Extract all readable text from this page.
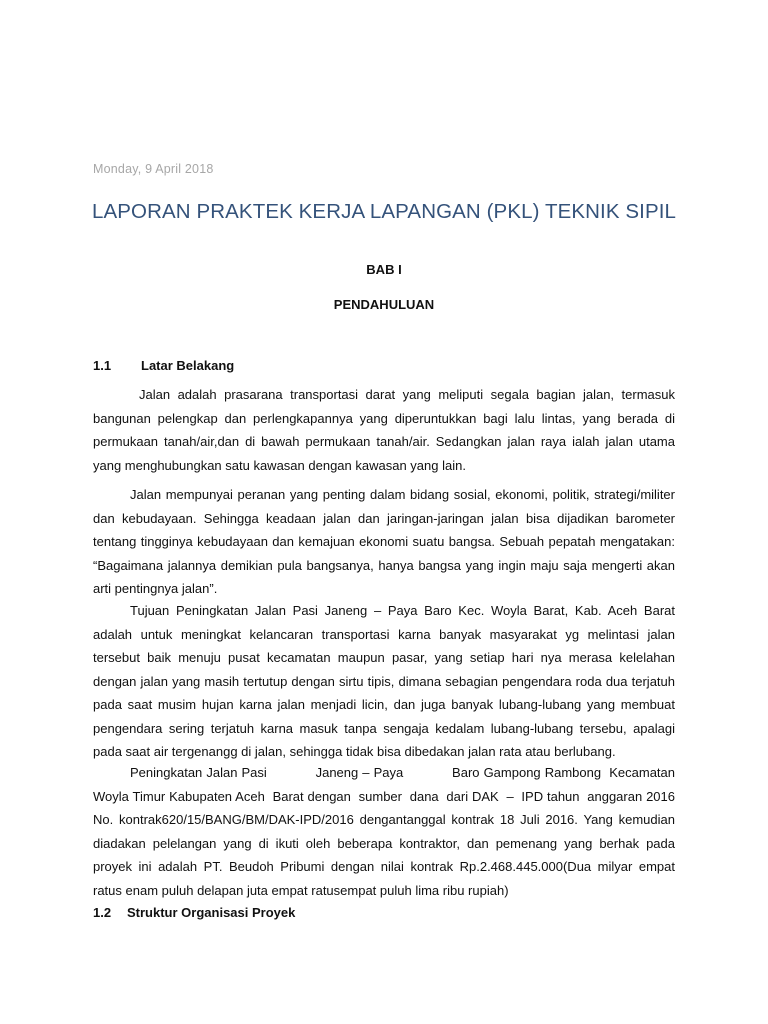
Monday, 9 April 2018
LAPORAN PRAKTEK KERJA LAPANGAN (PKL) TEKNIK SIPIL
BAB I
PENDAHULUAN
1.1 Latar Belakang

Jalan adalah prasarana transportasi darat yang meliputi segala bagian jalan, termasuk bangunan pelengkap dan perlengkapannya yang diperuntukkan bagi lalu lintas, yang berada di permukaan tanah/air,dan di bawah permukaan tanah/air. Sedangkan jalan raya ialah jalan utama yang menghubungkan satu kawasan dengan kawasan yang lain.

Jalan mempunyai peranan yang penting dalam bidang sosial, ekonomi, politik, strategi/militer dan kebudayaan. Sehingga keadaan jalan dan jaringan-jaringan jalan bisa dijadikan barometer tentang tingginya kebudayaan dan kemajuan ekonomi suatu bangsa. Sebuah pepatah mengatakan: “Bagaimana jalannya demikian pula bangsanya, hanya bangsa yang ingin maju saja mengerti akan arti pentingnya jalan”.

Tujuan Peningkatan Jalan Pasi Janeng – Paya Baro Kec. Woyla Barat, Kab. Aceh Barat adalah untuk meningkat kelancaran transportasi karna banyak masyarakat yg melintasi jalan tersebut baik menuju pusat kecamatan maupun pasar, yang setiap hari nya merasa kelelahan dengan jalan yang masih tertutup dengan sirtu tipis, dimana sebagian pengendara roda dua terjatuh pada saat musim hujan karna jalan menjadi licin, dan juga banyak lubang-lubang yang membuat pengendara sering terjatuh karna masuk tanpa sengaja kedalam lubang-lubang tersebu, apalagi pada saat air tergenangg di jalan, sehingga tidak bisa dibedakan jalan rata atau berlubang.

Peningkatan Jalan Pasi            Janeng – Paya            Baro Gampong Rambong  Kecamatan Woyla Timur Kabupaten Aceh  Barat dengan  sumber  dana  dari DAK  –  IPD tahun  anggaran 2016 No. kontrak620/15/BANG/BM/DAK-IPD/2016 dengantanggal kontrak 18 Juli 2016. Yang kemudian diadakan pelelangan yang di ikuti oleh beberapa kontraktor, dan pemenang yang berhak pada proyek ini adalah PT. Beudoh Pribumi dengan nilai kontrak Rp.2.468.445.000(Dua milyar empat ratus enam puluh delapan juta empat ratusempat puluh lima ribu rupiah)

1.2 Struktur Organisasi Proyek
